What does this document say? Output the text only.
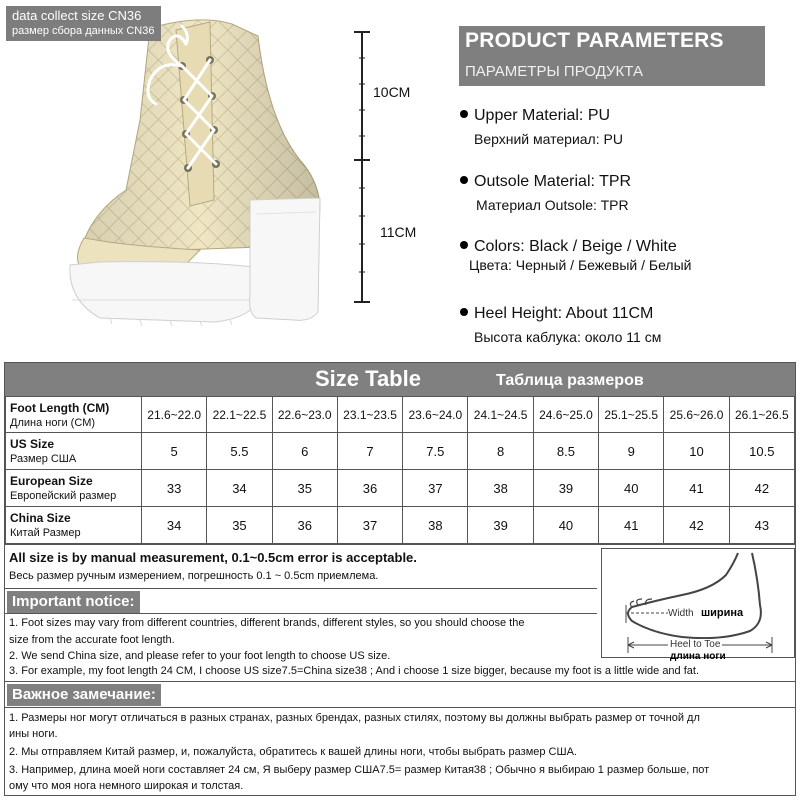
data collect size CN36
размер сбора данных CN36
10CM
11CM
PRODUCT PARAMETERS
ПАРАМЕТРЫ ПРОДУКТА
Upper Material: PU
Верхний материал: PU
Outsole Material: TPR
Материал Outsole: TPR
Colors: Black / Beige / White
Цвета: Черный / Бежевый / Белый
Heel Height: About 11CM
Высота каблука: около 11 см
Size Table	Таблица размеров
Foot Length (CM)
Длина ноги (CM)	21.6~22.0	22.1~22.5	22.6~23.0	23.1~23.5	23.6~24.0	24.1~24.5	24.6~25.0	25.1~25.5	25.6~26.0	26.1~26.5

US Size
Размер США	5	5.5	6	7	7.5	8	8.5	9	10	10.5

European Size
Европейский размер	33	34	35	36	37	38	39	40	41	42

China Size
Китай Размер	34	35	36	37	38	39	40	41	42	43
All size is by manual measurement, 0.1~0.5cm error is acceptable.
Весь размер ручным измерением, погрешность 0.1 ~ 0.5cm приемлема.
Important notice:
1. Foot sizes may vary from different countries, different brands, different styles, so you should choose the
size from the accurate foot length.
2. We send China size, and please refer to your foot length to choose US size.
3. For example, my foot length 24 CM, I choose US size7.5=China size38 ; And i choose 1 size bigger, because my foot is a little wide and fat.
Width ширина
Heel to Toe
длина ноги
Важное замечание:
1. Размеры ног могут отличаться в разных странах, разных брендах, разных стилях, поэтому вы должны выбрать размер от точной дл
ины ноги.
2. Мы отправляем Китай размер, и, пожалуйста, обратитесь к вашей длины ноги, чтобы выбрать размер США.
3. Например, длина моей ноги составляет 24 см, Я выберу размер США7.5= размер Китая38 ; Обычно я выбираю 1 размер больше, пот
ому что моя нога немного широкая и толстая.
